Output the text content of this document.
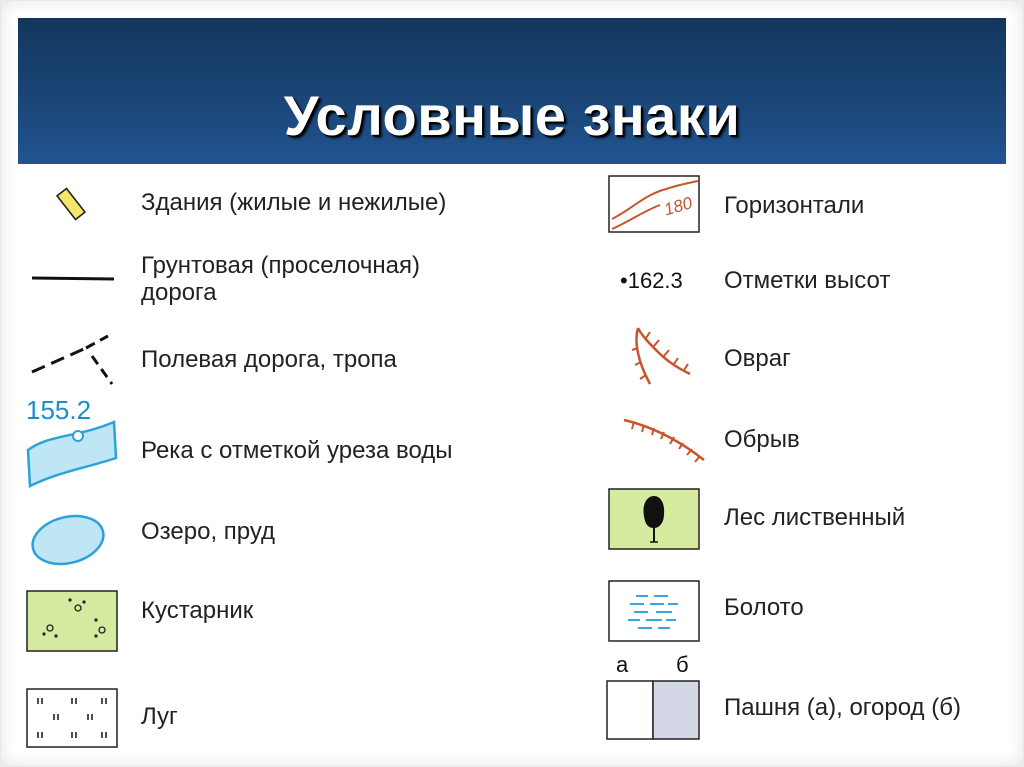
Условные знаки
Здания (жилые и нежилые)
Грунтовая (проселочная)
дорога
Полевая дорога, тропа
155.2
Река с отметкой уреза воды
Озеро, пруд
Кустарник
Луг
180 Горизонтали
•162.3 Отметки высот
Овраг
Обрыв
Лес лиственный
Болото
а б
Пашня (а), огород (б)
